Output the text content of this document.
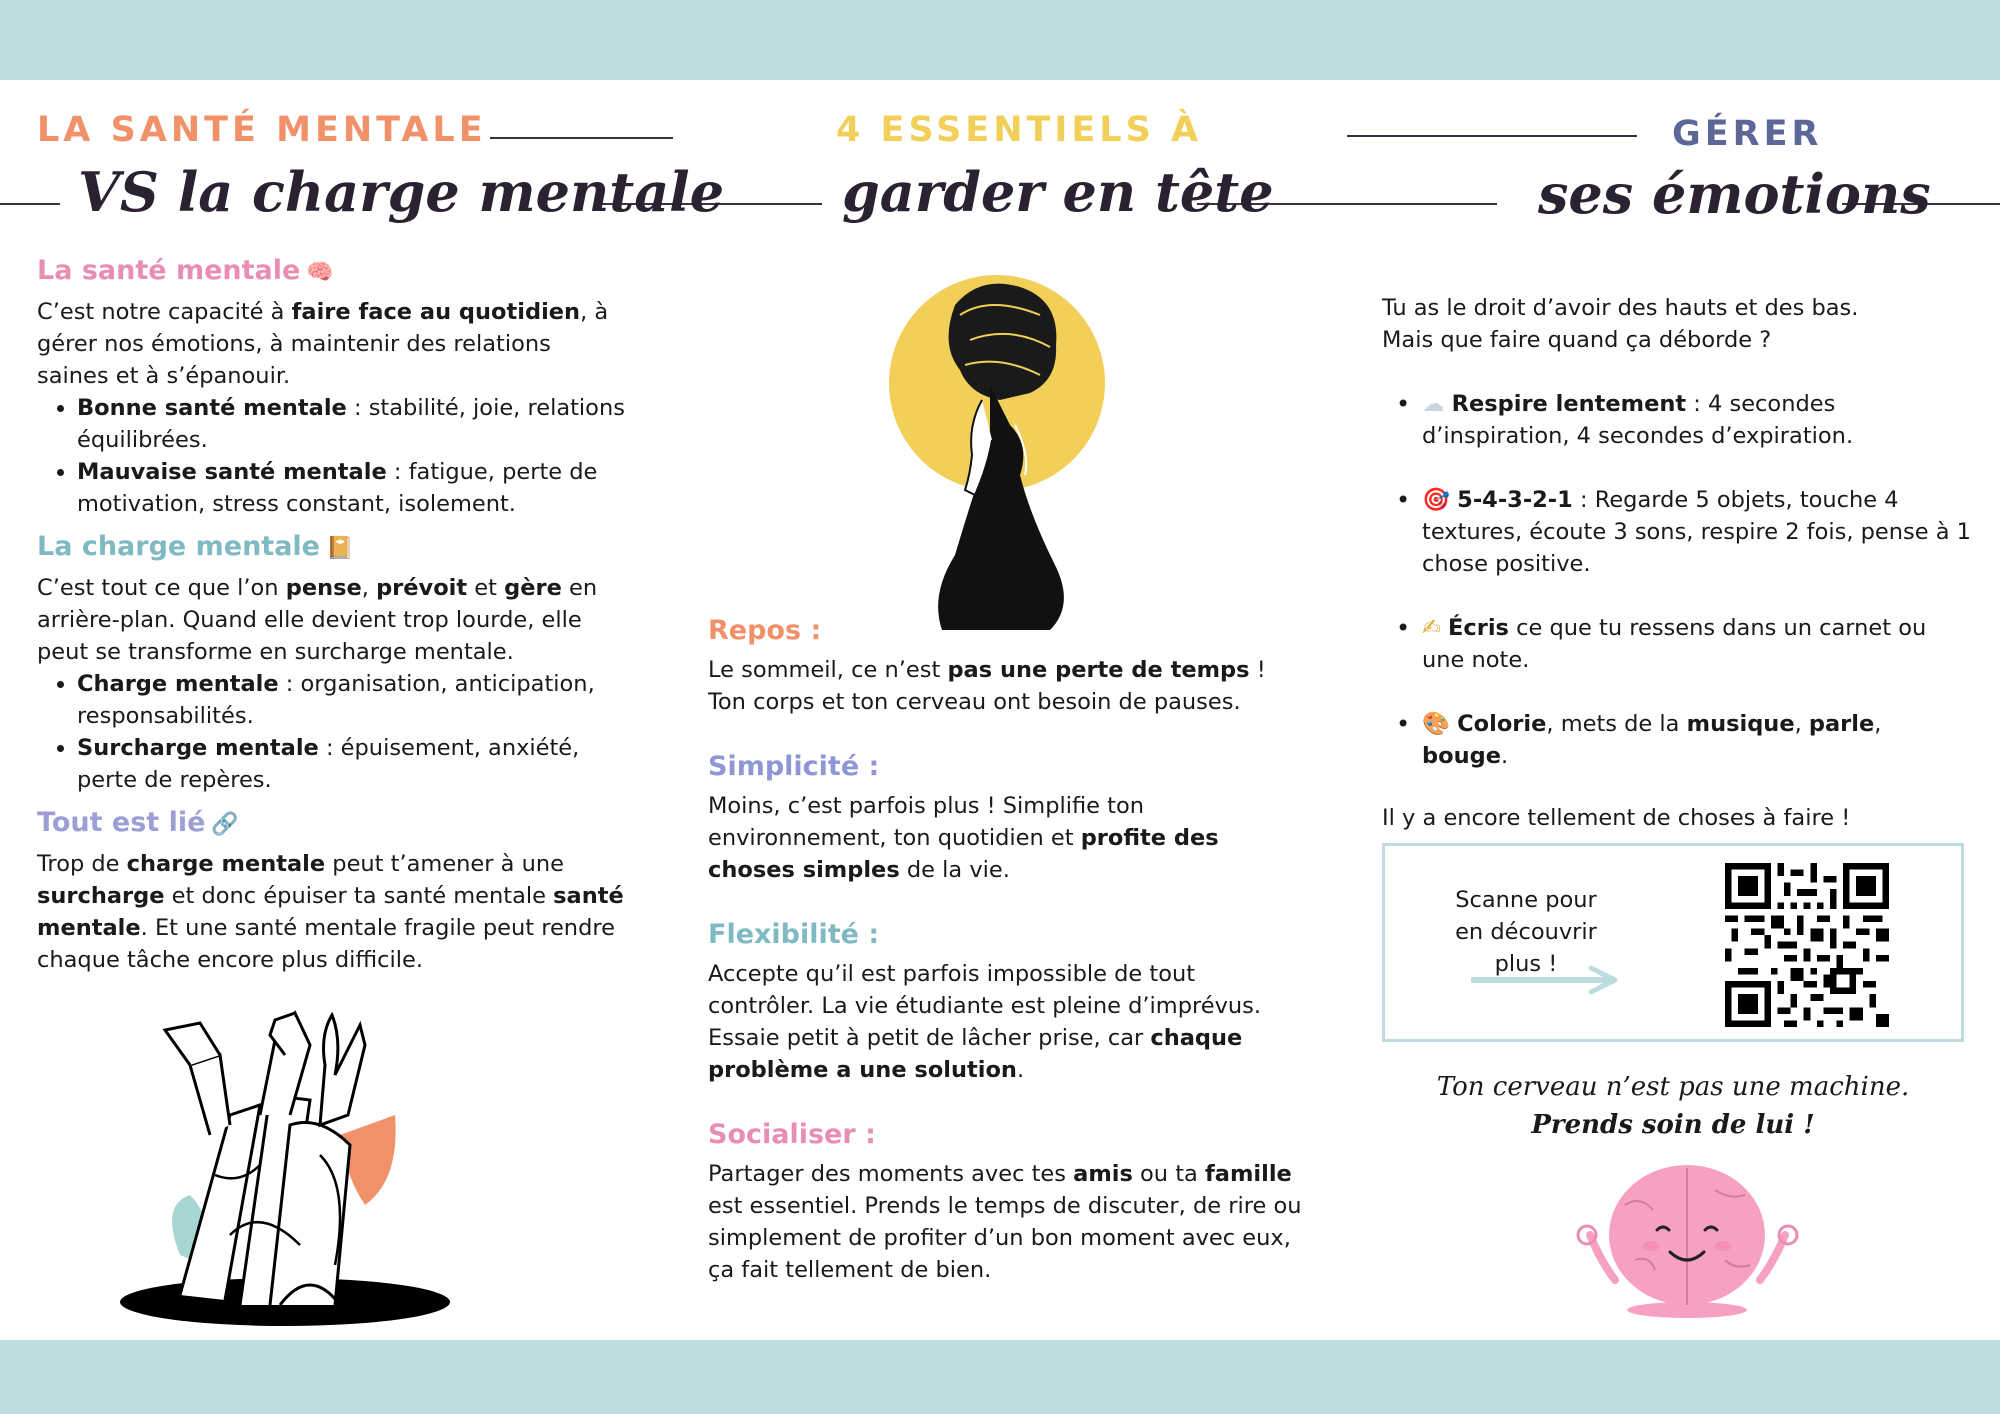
LA SANTÉ MENTALE
VS la charge mentale
4 ESSENTIELS À
garder en tête
GÉRER
ses émotions
La santé mentale 🧠

C’est notre capacité à faire face au quotidien, à gérer nos émotions, à maintenir des relations saines et à s’épanouir.

• Bonne santé mentale : stabilité, joie, relations équilibrées.
• Mauvaise santé mentale : fatigue, perte de motivation, stress constant, isolement.
La charge mentale 📔

C’est tout ce que l’on pense, prévoit et gère en arrière-plan. Quand elle devient trop lourde, elle peut se transforme en surcharge mentale.

• Charge mentale : organisation, anticipation, responsabilités.
• Surcharge mentale : épuisement, anxiété, perte de repères.
Tout est lié 🔗

Trop de charge mentale peut t’amener à une surcharge et donc épuiser ta santé mentale santé mentale. Et une santé mentale fragile peut rendre chaque tâche encore plus difficile.

Repos :

Le sommeil, ce n’est pas une perte de temps ! Ton corps et ton cerveau ont besoin de pauses.

Simplicité :

Moins, c’est parfois plus ! Simplifie ton environnement, ton quotidien et profite des choses simples de la vie.

Flexibilité :

Accepte qu’il est parfois impossible de tout contrôler. La vie étudiante est pleine d’imprévus. Essaie petit à petit de lâcher prise, car chaque problème a une solution.

Socialiser :

Partager des moments avec tes amis ou ta famille est essentiel. Prends le temps de discuter, de rire ou simplement de profiter d’un bon moment avec eux, ça fait tellement de bien.

Tu as le droit d’avoir des hauts et des bas.

Mais que faire quand ça déborde ?

• ☁ Respire lentement : 4 secondes d’inspiration, 4 secondes d’expiration.
• 🎯 5-4-3-2-1 : Regarde 5 objets, touche 4 textures, écoute 3 sons, respire 2 fois, pense à 1 chose positive.
• ✍ Écris ce que tu ressens dans un carnet ou une note.
• 🎨 Colorie, mets de la musique, parle, bouge.

Il y a encore tellement de choses à faire !

Scanne pour en découvrir plus !
Ton cerveau n’est pas une machine.
Prends soin de lui !
